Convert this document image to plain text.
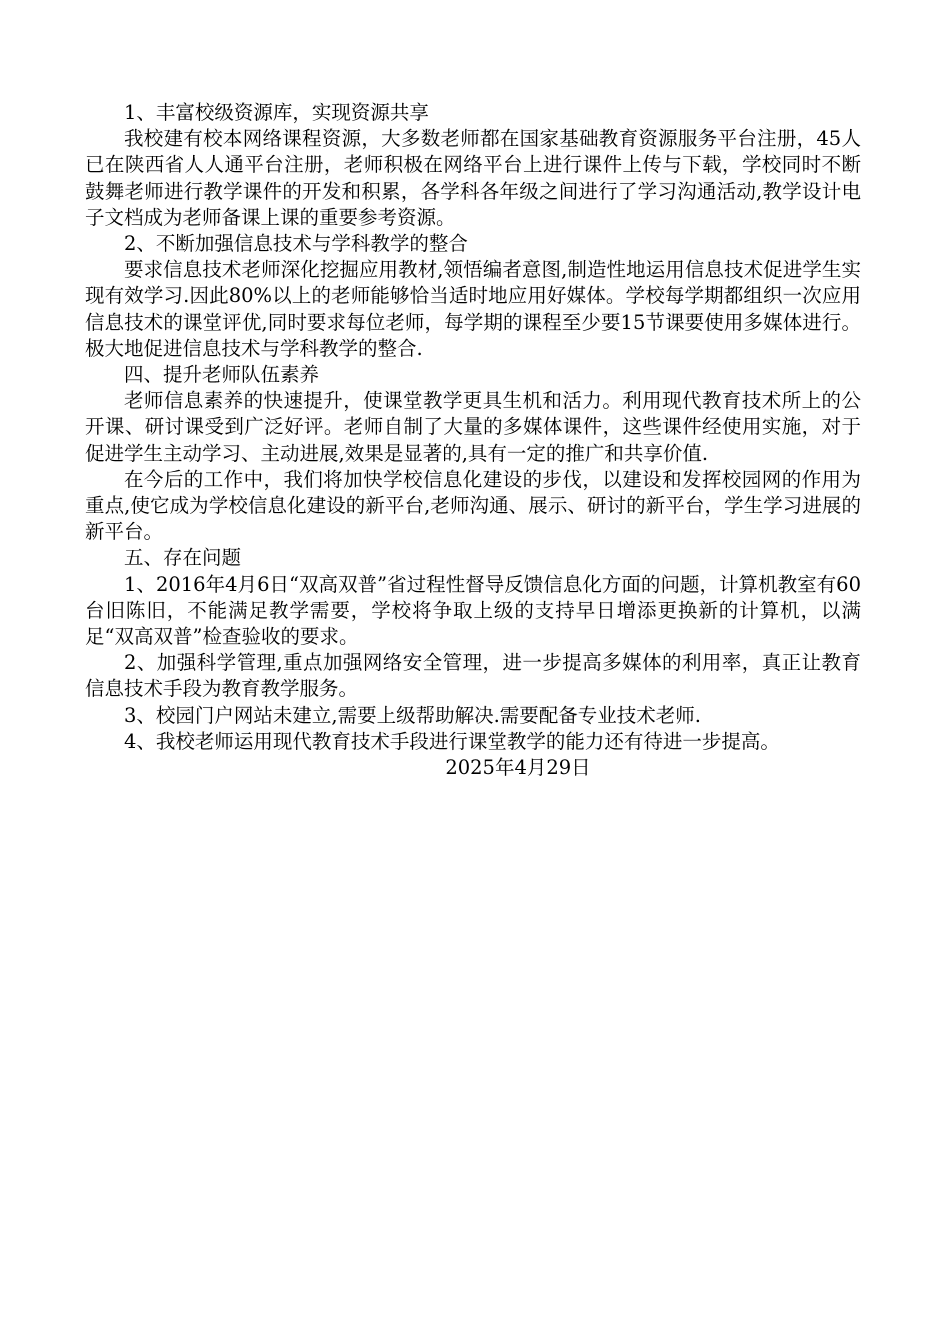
1、丰富校级资源库，实现资源共享

我校建有校本网络课程资源，大多数老师都在国家基础教育资源服务平台注册，45人已在陕西省人人通平台注册，老师积极在网络平台上进行课件上传与下载，学校同时不断鼓舞老师进行教学课件的开发和积累，各学科各年级之间进行了学习沟通活动,教学设计电子文档成为老师备课上课的重要参考资源。

2、不断加强信息技术与学科教学的整合

要求信息技术老师深化挖掘应用教材,领悟编者意图,制造性地运用信息技术促进学生实现有效学习.因此80%以上的老师能够恰当适时地应用好媒体。学校每学期都组织一次应用信息技术的课堂评优,同时要求每位老师，每学期的课程至少要15节课要使用多媒体进行。极大地促进信息技术与学科教学的整合.

四、提升老师队伍素养

老师信息素养的快速提升，使课堂教学更具生机和活力。利用现代教育技术所上的公开课、研讨课受到广泛好评。老师自制了大量的多媒体课件，这些课件经使用实施，对于促进学生主动学习、主动进展,效果是显著的,具有一定的推广和共享价值.

在今后的工作中，我们将加快学校信息化建设的步伐，以建设和发挥校园网的作用为重点,使它成为学校信息化建设的新平台,老师沟通、展示、研讨的新平台，学生学习进展的新平台。

五、存在问题

1、2016年4月6日“双高双普”省过程性督导反馈信息化方面的问题，计算机教室有60台旧陈旧，不能满足教学需要，学校将争取上级的支持早日增添更换新的计算机，以满足“双高双普”检查验收的要求。

2、加强科学管理,重点加强网络安全管理，进一步提高多媒体的利用率，真正让教育信息技术手段为教育教学服务。

3、校园门户网站未建立,需要上级帮助解决.需要配备专业技术老师.

4、我校老师运用现代教育技术手段进行课堂教学的能力还有待进一步提高。

2025年4月29日
